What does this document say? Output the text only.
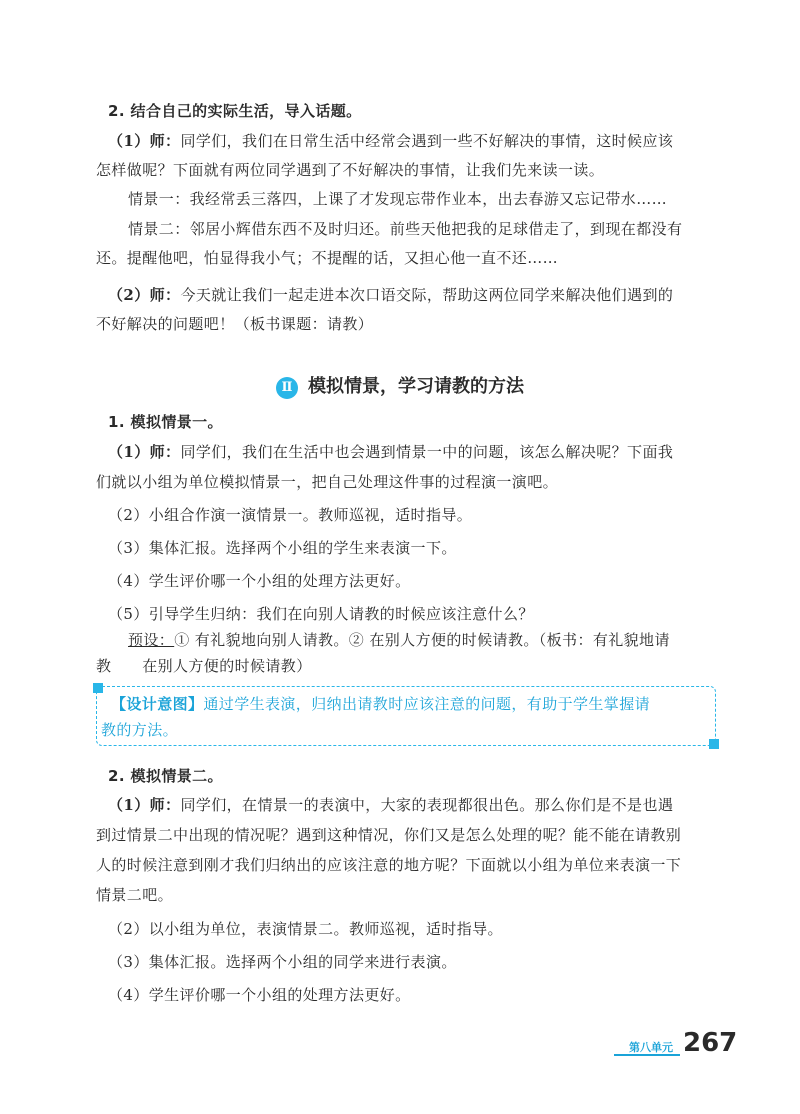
2. 结合自己的实际生活，导入话题。
（1）师：同学们，我们在日常生活中经常会遇到一些不好解决的事情，这时候应该
怎样做呢？下面就有两位同学遇到了不好解决的事情，让我们先来读一读。
情景一：我经常丢三落四，上课了才发现忘带作业本，出去春游又忘记带水……
情景二：邻居小辉借东西不及时归还。前些天他把我的足球借走了，到现在都没有
还。提醒他吧，怕显得我小气；不提醒的话，又担心他一直不还……
（2）师：今天就让我们一起走进本次口语交际，帮助这两位同学来解决他们遇到的
不好解决的问题吧！（板书课题：请教）
Ⅱ 模拟情景，学习请教的方法
1. 模拟情景一。
（1）师：同学们，我们在生活中也会遇到情景一中的问题，该怎么解决呢？下面我
们就以小组为单位模拟情景一，把自己处理这件事的过程演一演吧。
（2）小组合作演一演情景一。教师巡视，适时指导。
（3）集体汇报。选择两个小组的学生来表演一下。
（4）学生评价哪一个小组的处理方法更好。
（5）引导学生归纳：我们在向别人请教的时候应该注意什么？
预设：① 有礼貌地向别人请教。② 在别人方便的时候请教。（板书：有礼貌地请
教　　在别人方便的时候请教）
【设计意图】通过学生表演，归纳出请教时应该注意的问题，有助于学生掌握请
教的方法。
2. 模拟情景二。
（1）师：同学们，在情景一的表演中，大家的表现都很出色。那么你们是不是也遇
到过情景二中出现的情况呢？遇到这种情况，你们又是怎么处理的呢？能不能在请教别
人的时候注意到刚才我们归纳出的应该注意的地方呢？下面就以小组为单位来表演一下
情景二吧。
（2）以小组为单位，表演情景二。教师巡视，适时指导。
（3）集体汇报。选择两个小组的同学来进行表演。
（4）学生评价哪一个小组的处理方法更好。
第八单元 267
